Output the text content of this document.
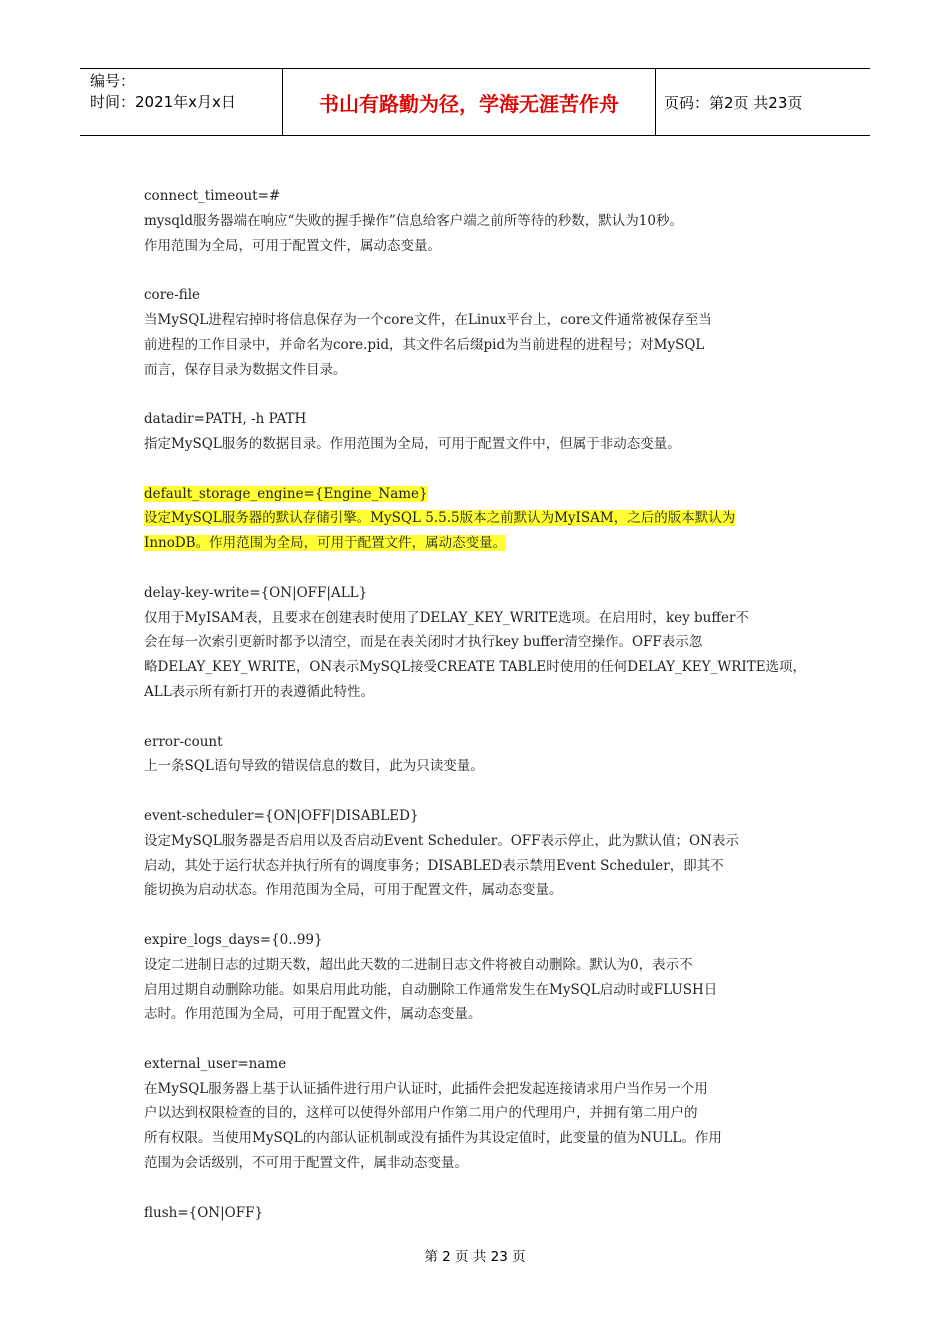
编号：
时间：2021年x月x日	书山有路勤为径，学海无涯苦作舟	页码：第2页 共23页

connect_timeout=#

mysqld服务器端在响应“失败的握手操作”信息给客户端之前所等待的秒数，默认为10秒。

作用范围为全局，可用于配置文件，属动态变量。

core-file

当MySQL进程宕掉时将信息保存为一个core文件，在Linux平台上，core文件通常被保存至当

前进程的工作目录中，并命名为core.pid，其文件名后缀pid为当前进程的进程号；对MySQL

而言，保存目录为数据文件目录。

datadir=PATH, -h PATH

指定MySQL服务的数据目录。作用范围为全局，可用于配置文件中，但属于非动态变量。

default_storage_engine={Engine_Name}

设定MySQL服务器的默认存储引擎。MySQL 5.5.5版本之前默认为MyISAM，之后的版本默认为

InnoDB。作用范围为全局，可用于配置文件，属动态变量。

delay-key-write={ON|OFF|ALL}

仅用于MyISAM表，且要求在创建表时使用了DELAY_KEY_WRITE选项。在启用时，key buffer不

会在每一次索引更新时都予以清空，而是在表关闭时才执行key buffer清空操作。OFF表示忽

略DELAY_KEY_WRITE，ON表示MySQL接受CREATE TABLE时使用的任何DELAY_KEY_WRITE选项，

ALL表示所有新打开的表遵循此特性。

error-count

上一条SQL语句导致的错误信息的数目，此为只读变量。

event-scheduler={ON|OFF|DISABLED}

设定MySQL服务器是否启用以及否启动Event Scheduler。OFF表示停止，此为默认值；ON表示

启动，其处于运行状态并执行所有的调度事务；DISABLED表示禁用Event Scheduler，即其不

能切换为启动状态。作用范围为全局，可用于配置文件，属动态变量。

expire_logs_days={0..99}

设定二进制日志的过期天数，超出此天数的二进制日志文件将被自动删除。默认为0，表示不

启用过期自动删除功能。如果启用此功能，自动删除工作通常发生在MySQL启动时或FLUSH日

志时。作用范围为全局，可用于配置文件，属动态变量。

external_user=name

在MySQL服务器上基于认证插件进行用户认证时，此插件会把发起连接请求用户当作另一个用

户以达到权限检查的目的，这样可以使得外部用户作第二用户的代理用户，并拥有第二用户的

所有权限。当使用MySQL的内部认证机制或没有插件为其设定值时，此变量的值为NULL。作用

范围为会话级别，不可用于配置文件，属非动态变量。

flush={ON|OFF}

第 2 页 共 23 页
